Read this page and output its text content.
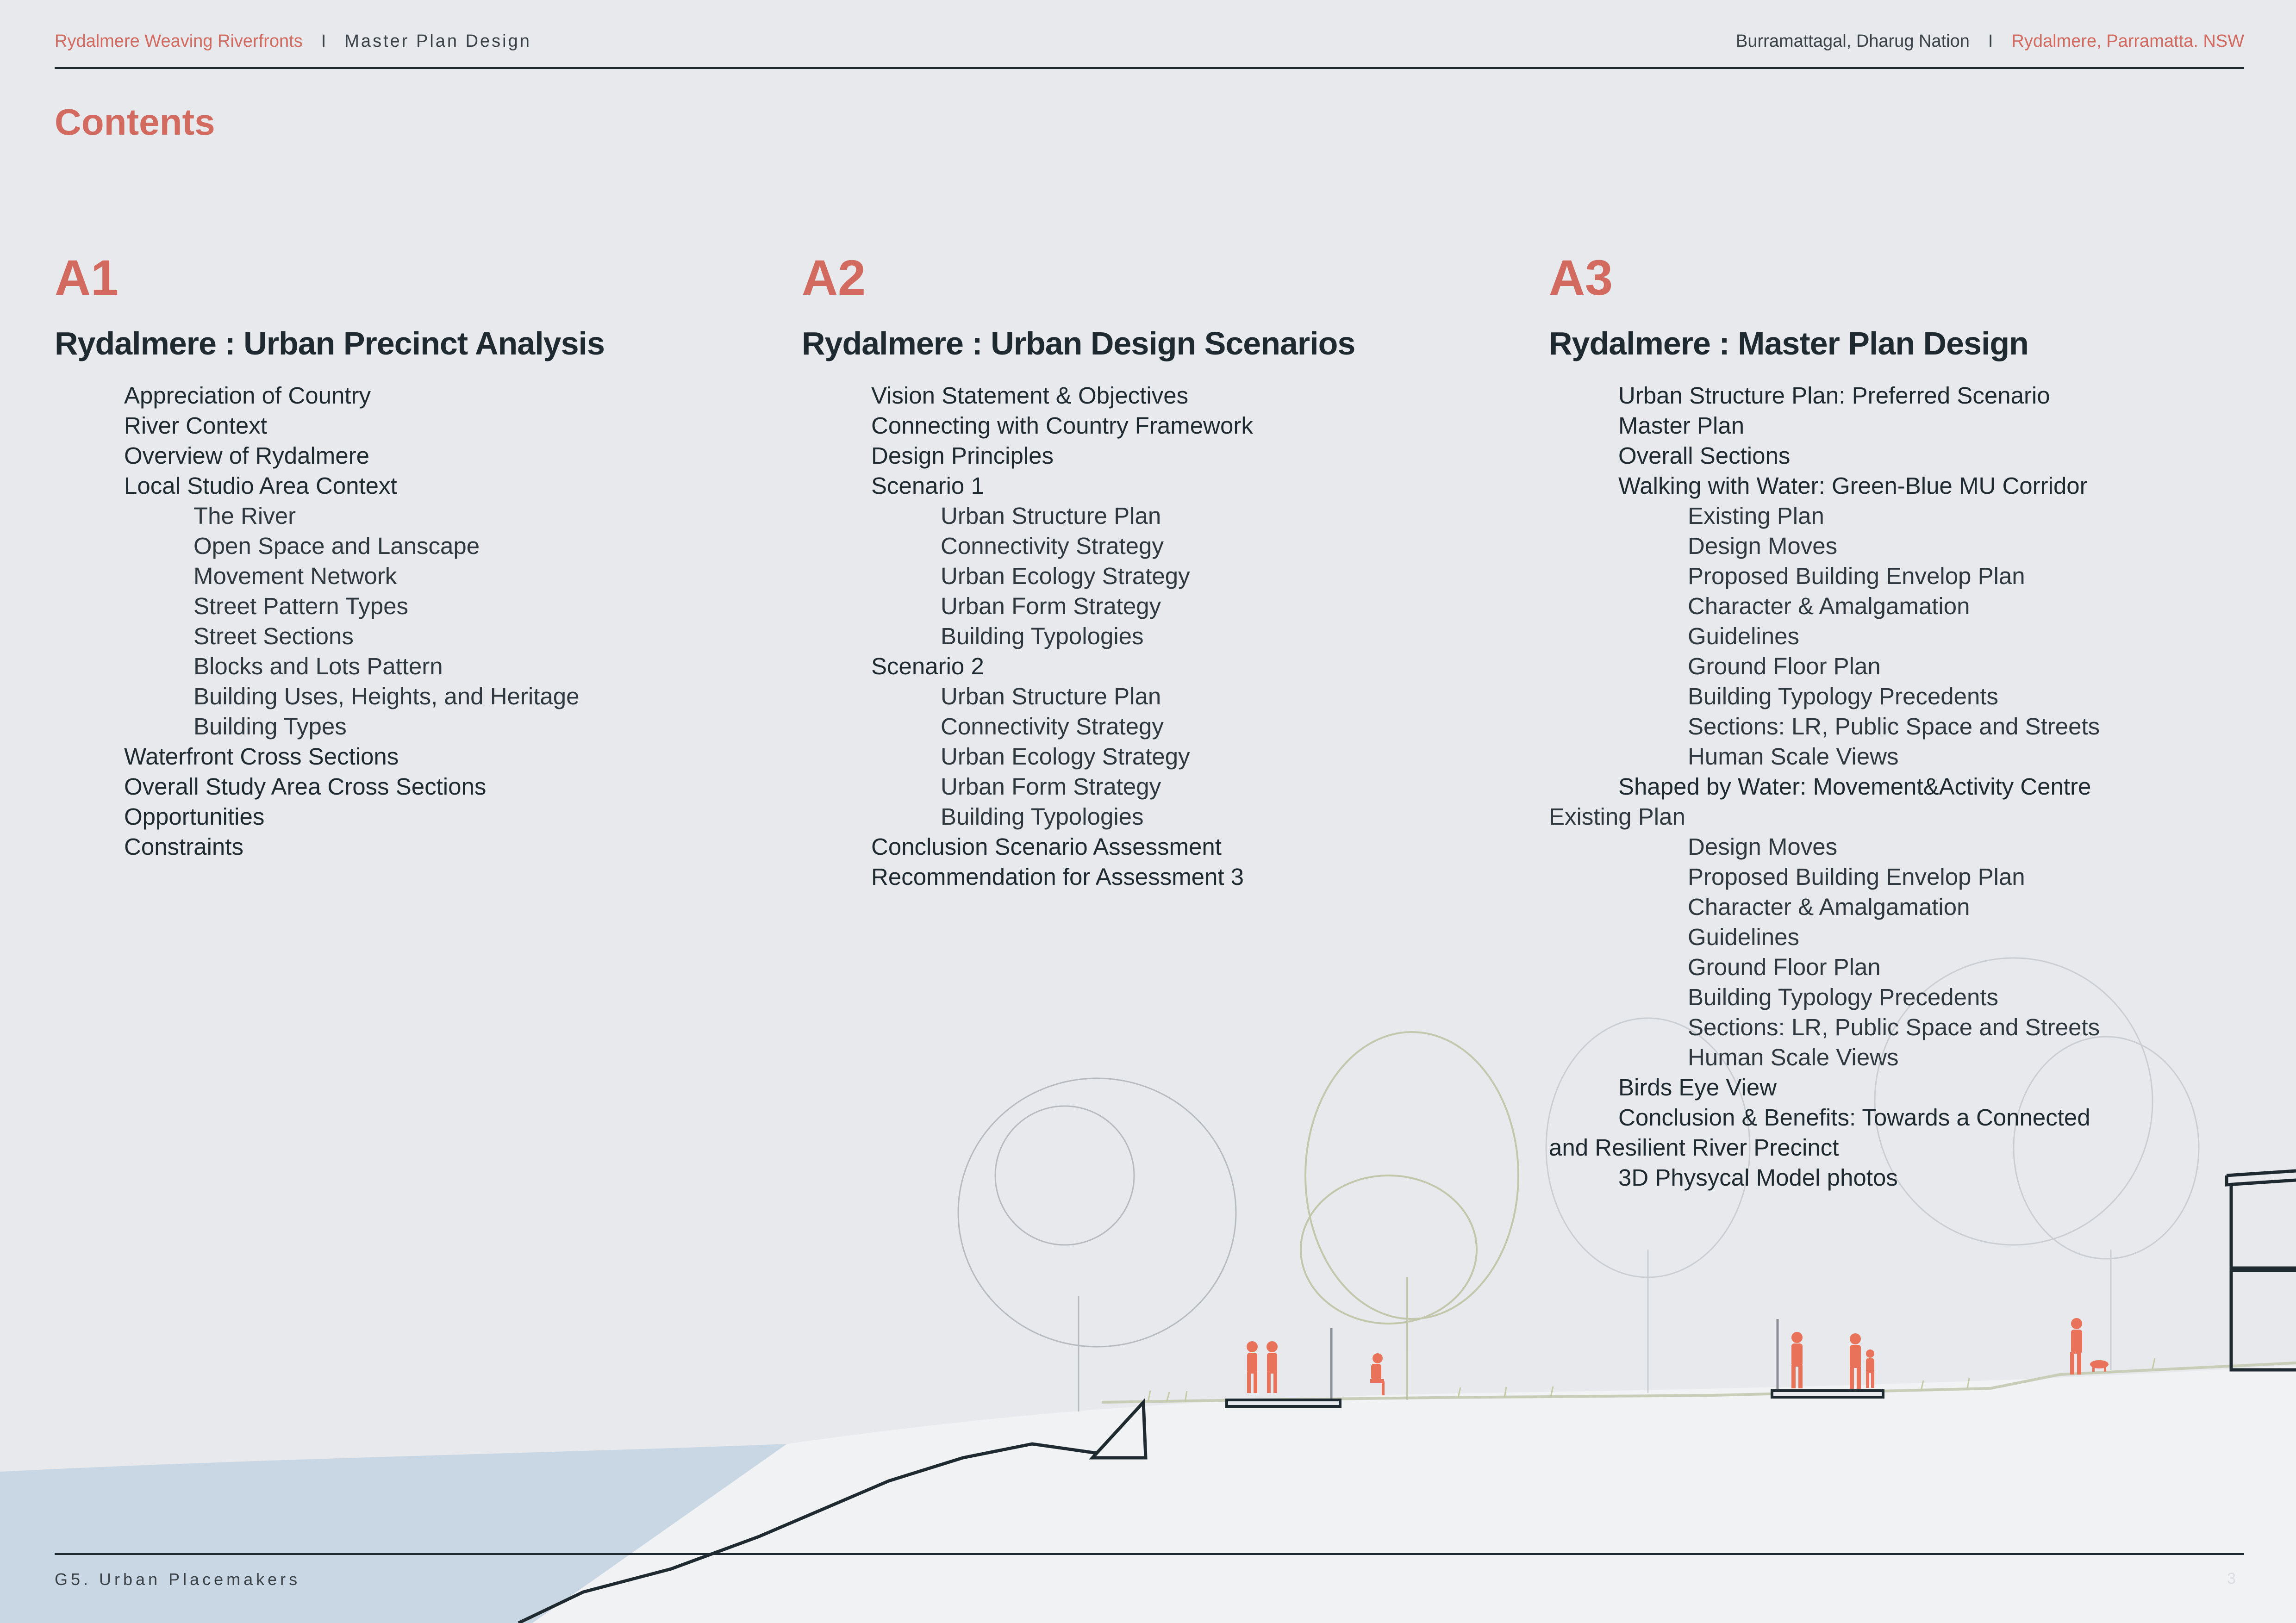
Rydalmere Weaving Riverfronts I Master Plan Design	Burramattagal, Dharug Nation I Rydalmere, Parramatta. NSW
Contents
A1
Rydalmere : Urban Precinct Analysis
Appreciation of Country
River Context
Overview of Rydalmere
Local Studio Area Context
The River
Open Space and Lanscape
Movement Network
Street Pattern Types
Street Sections
Blocks and Lots Pattern
Building Uses, Heights, and Heritage
Building Types
Waterfront Cross Sections
Overall Study Area Cross Sections
Opportunities
Constraints
A2
Rydalmere : Urban Design Scenarios
Vision Statement & Objectives
Connecting with Country Framework
Design Principles
Scenario 1
Urban Structure Plan
Connectivity Strategy
Urban Ecology Strategy
Urban Form Strategy
Building Typologies
Scenario 2
Urban Structure Plan
Connectivity Strategy
Urban Ecology Strategy
Urban Form Strategy
Building Typologies
Conclusion Scenario Assessment
Recommendation for Assessment 3
A3
Rydalmere : Master Plan Design
Urban Structure Plan: Preferred Scenario
Master Plan
Overall Sections
Walking with Water: Green-Blue MU Corridor
Existing Plan
Design Moves
Proposed Building Envelop Plan
Character & Amalgamation
Guidelines
Ground Floor Plan
Building Typology Precedents
Sections: LR, Public Space and Streets
Human Scale Views
Shaped by Water: Movement&Activity Centre
Existing Plan
Design Moves
Proposed Building Envelop Plan
Character & Amalgamation
Guidelines
Ground Floor Plan
Building Typology Precedents
Sections: LR, Public Space and Streets
Human Scale Views
Birds Eye View
Conclusion & Benefits: Towards a Connected
and Resilient River Precinct
3D Physycal Model photos
G5. Urban Placemakers	3
